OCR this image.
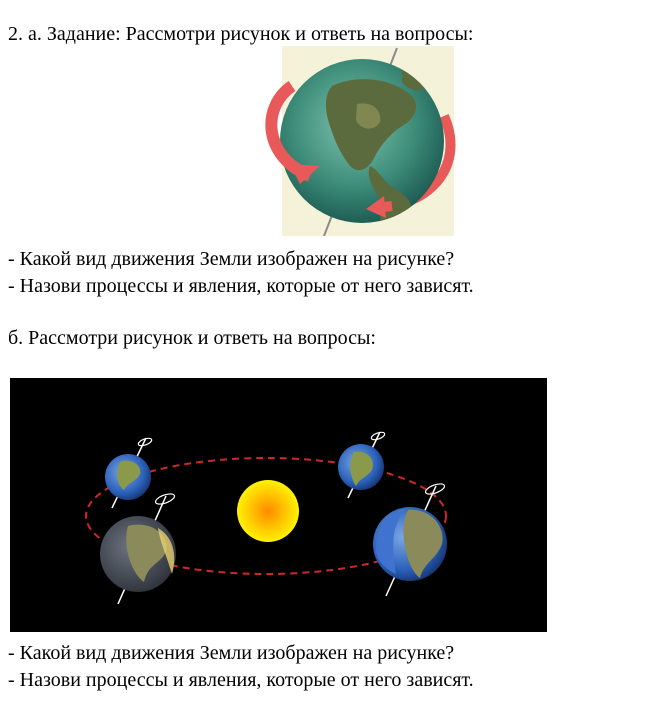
2. а. Задание: Рассмотри рисунок и ответь на вопросы:
- Какой вид движения Земли изображен на рисунке?
- Назови процессы и явления, которые от него зависят.
б. Рассмотри рисунок и ответь на вопросы:
- Какой вид движения Земли изображен на рисунке?
- Назови процессы и явления, которые от него зависят.
